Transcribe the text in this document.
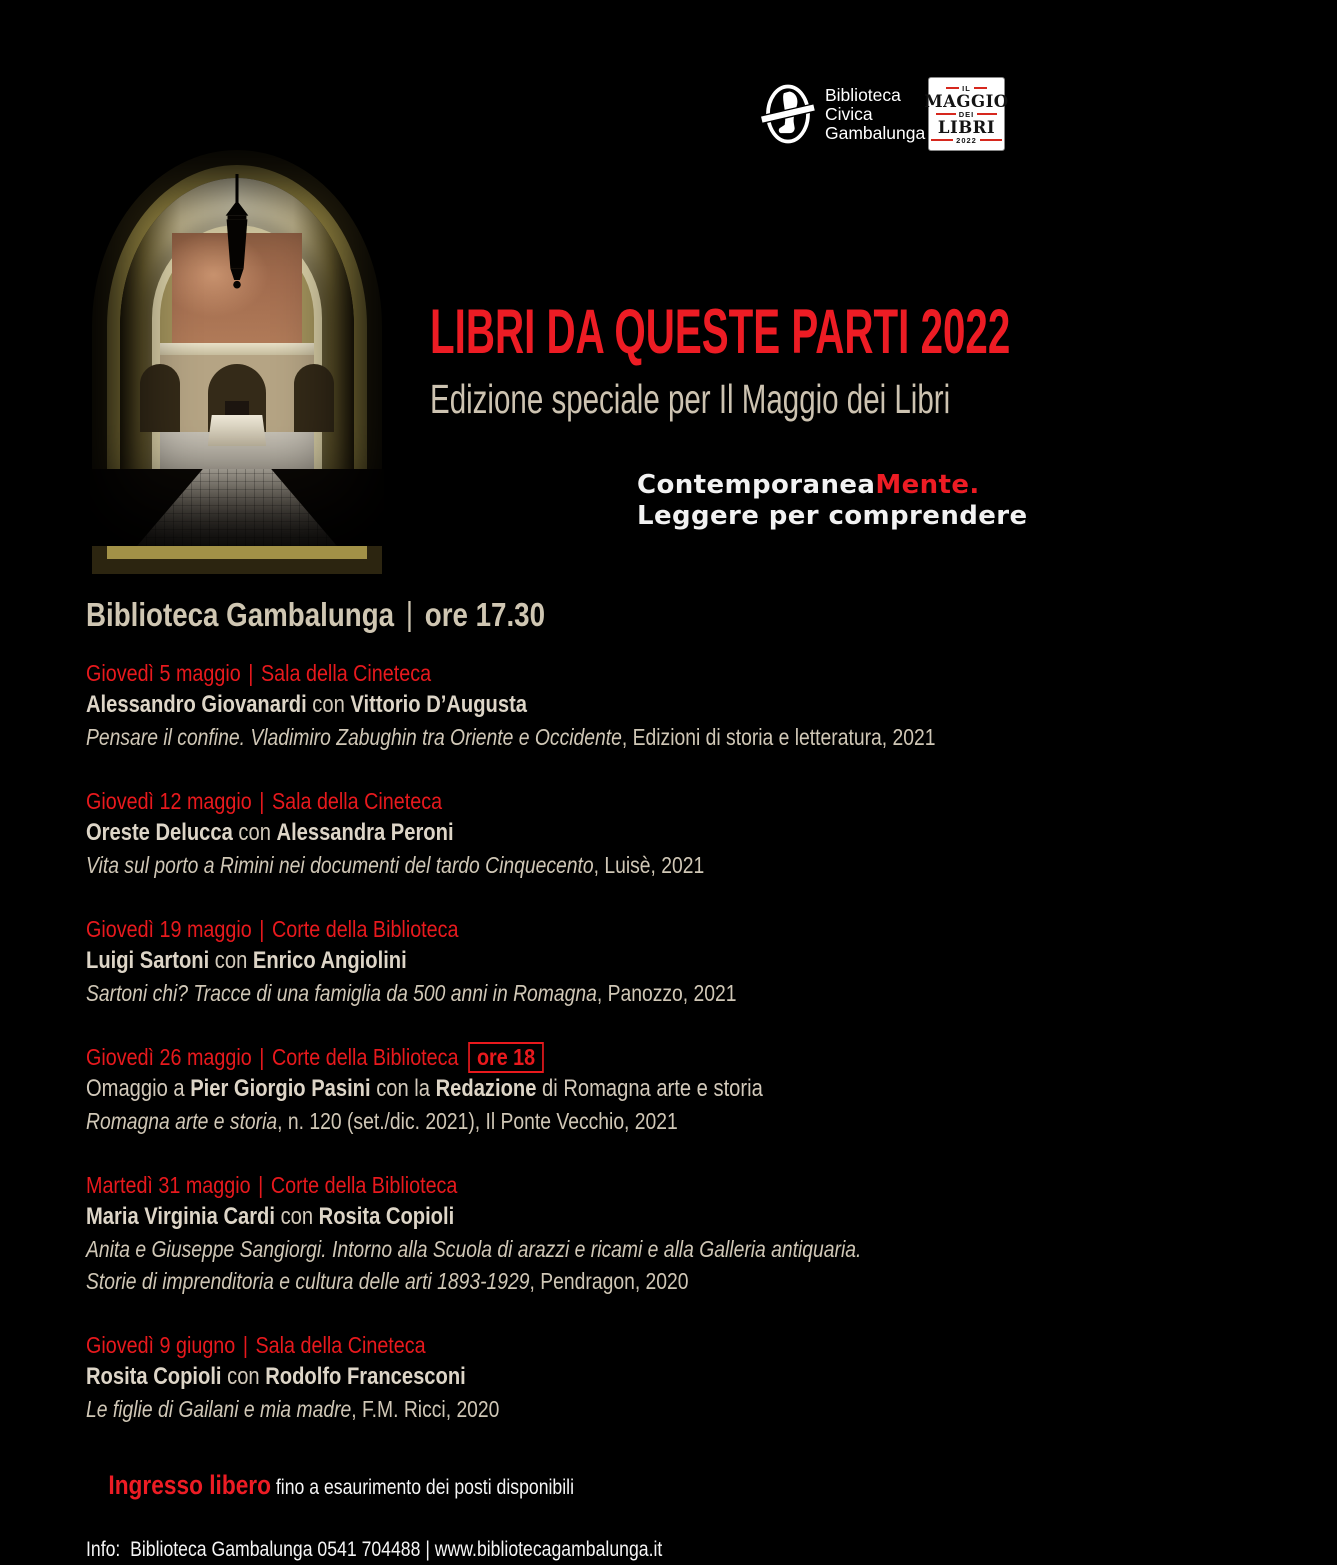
Biblioteca
Civica
Gambalunga
IL
MAGGIO
DEI
LIBRI
2022
LIBRI DA QUESTE PARTI 2022
Edizione speciale per Il Maggio dei Libri
ContemporaneaMente.
Leggere per comprendere
Biblioteca Gambalunga | ore 17.30
Giovedì 5 maggio | Sala della Cineteca
Alessandro Giovanardi con Vittorio D’Augusta
Pensare il confine. Vladimiro Zabughin tra Oriente e Occidente, Edizioni di storia e letteratura, 2021
Giovedì 12 maggio | Sala della Cineteca
Oreste Delucca con Alessandra Peroni
Vita sul porto a Rimini nei documenti del tardo Cinquecento, Luisè, 2021
Giovedì 19 maggio | Corte della Biblioteca
Luigi Sartoni con Enrico Angiolini
Sartoni chi? Tracce di una famiglia da 500 anni in Romagna, Panozzo, 2021
Giovedì 26 maggio | Corte della Biblioteca ore 18
Omaggio a Pier Giorgio Pasini con la Redazione di Romagna arte e storia
Romagna arte e storia, n. 120 (set./dic. 2021), Il Ponte Vecchio, 2021
Martedì 31 maggio | Corte della Biblioteca
Maria Virginia Cardi con Rosita Copioli
Anita e Giuseppe Sangiorgi. Intorno alla Scuola di arazzi e ricami e alla Galleria antiquaria.
Storie di imprenditoria e cultura delle arti 1893-1929, Pendragon, 2020
Giovedì 9 giugno | Sala della Cineteca
Rosita Copioli con Rodolfo Francesconi
Le figlie di Gailani e mia madre, F.M. Ricci, 2020

Ingresso libero fino a esaurimento dei posti disponibili

Info:  Biblioteca Gambalunga 0541 704488 | www.bibliotecagambalunga.it
